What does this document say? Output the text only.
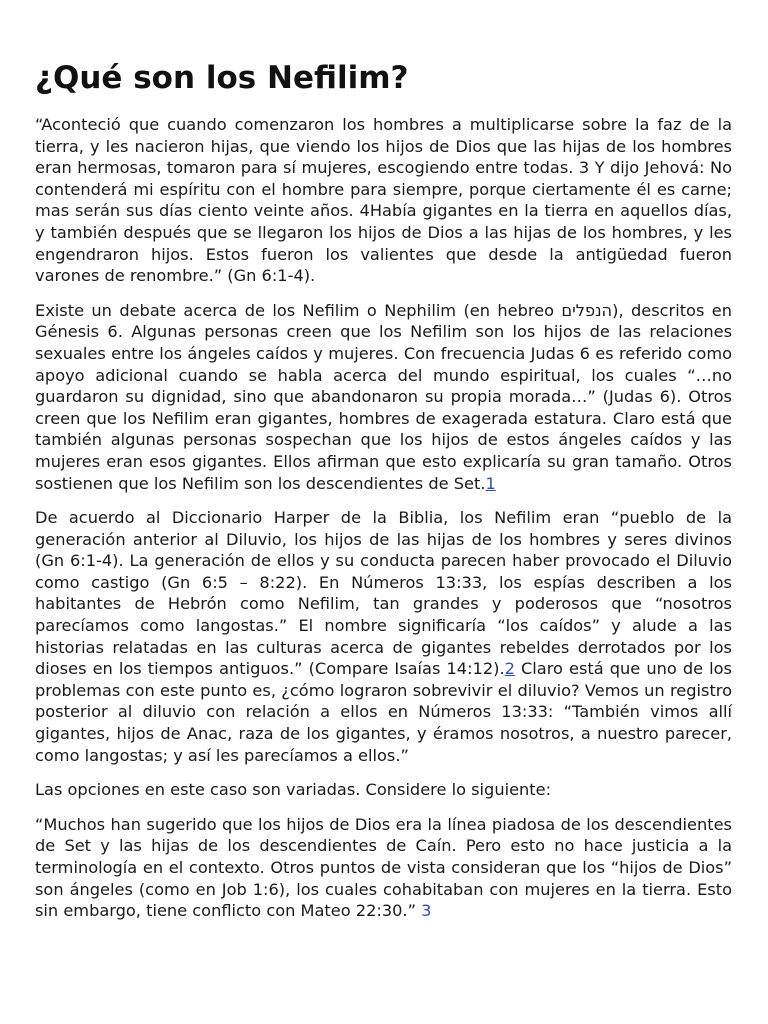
¿Qué son los Nefilim?

“Aconteció que cuando comenzaron los hombres a multiplicarse sobre la faz de la tierra, y les nacieron hijas, que viendo los hijos de Dios que las hijas de los hombres eran hermosas, tomaron para sí mujeres, escogiendo entre todas. 3 Y dijo Jehová: No contenderá mi espíritu con el hombre para siempre, porque ciertamente él es carne; mas serán sus días ciento veinte años. 4Había gigantes en la tierra en aquellos días, y también después que se llegaron los hijos de Dios a las hijas de los hombres, y les engendraron hijos. Estos fueron los valientes que desde la antigüedad fueron varones de renombre.” (Gn 6:1-4).

Existe un debate acerca de los Nefilim o Nephilim (en hebreo הנפלים), descritos en Génesis 6. Algunas personas creen que los Nefilim son los hijos de las relaciones sexuales entre los ángeles caídos y mujeres. Con frecuencia Judas 6 es referido como apoyo adicional cuando se habla acerca del mundo espiritual, los cuales “…no guardaron su dignidad, sino que abandonaron su propia morada…” (Judas 6). Otros creen que los Nefilim eran gigantes, hombres de exagerada estatura. Claro está que también algunas personas sospechan que los hijos de estos ángeles caídos y las mujeres eran esos gigantes. Ellos afirman que esto explicaría su gran tamaño. Otros sostienen que los Nefilim son los descendientes de Set.1

De acuerdo al Diccionario Harper de la Biblia, los Nefilim eran “pueblo de la generación anterior al Diluvio, los hijos de las hijas de los hombres y seres divinos (Gn 6:1-4). La generación de ellos y su conducta parecen haber provocado el Diluvio como castigo (Gn 6:5 – 8:22). En Números 13:33, los espías describen a los habitantes de Hebrón como Nefilim, tan grandes y poderosos que “nosotros parecíamos como langostas.” El nombre significaría “los caídos” y alude a las historias relatadas en las culturas acerca de gigantes rebeldes derrotados por los dioses en los tiempos antiguos.” (Compare Isaías 14:12).2 Claro está que uno de los problemas con este punto es, ¿cómo lograron sobrevivir el diluvio? Vemos un registro posterior al diluvio con relación a ellos en Números 13:33: “También vimos allí gigantes, hijos de Anac, raza de los gigantes, y éramos nosotros, a nuestro parecer, como langostas; y así les parecíamos a ellos.”

Las opciones en este caso son variadas. Considere lo siguiente:

“Muchos han sugerido que los hijos de Dios era la línea piadosa de los descendientes de Set y las hijas de los descendientes de Caín. Pero esto no hace justicia a la terminología en el contexto. Otros puntos de vista consideran que los “hijos de Dios” son ángeles (como en Job 1:6), los cuales cohabitaban con mujeres en la tierra. Esto sin embargo, tiene conflicto con Mateo 22:30.” 3
